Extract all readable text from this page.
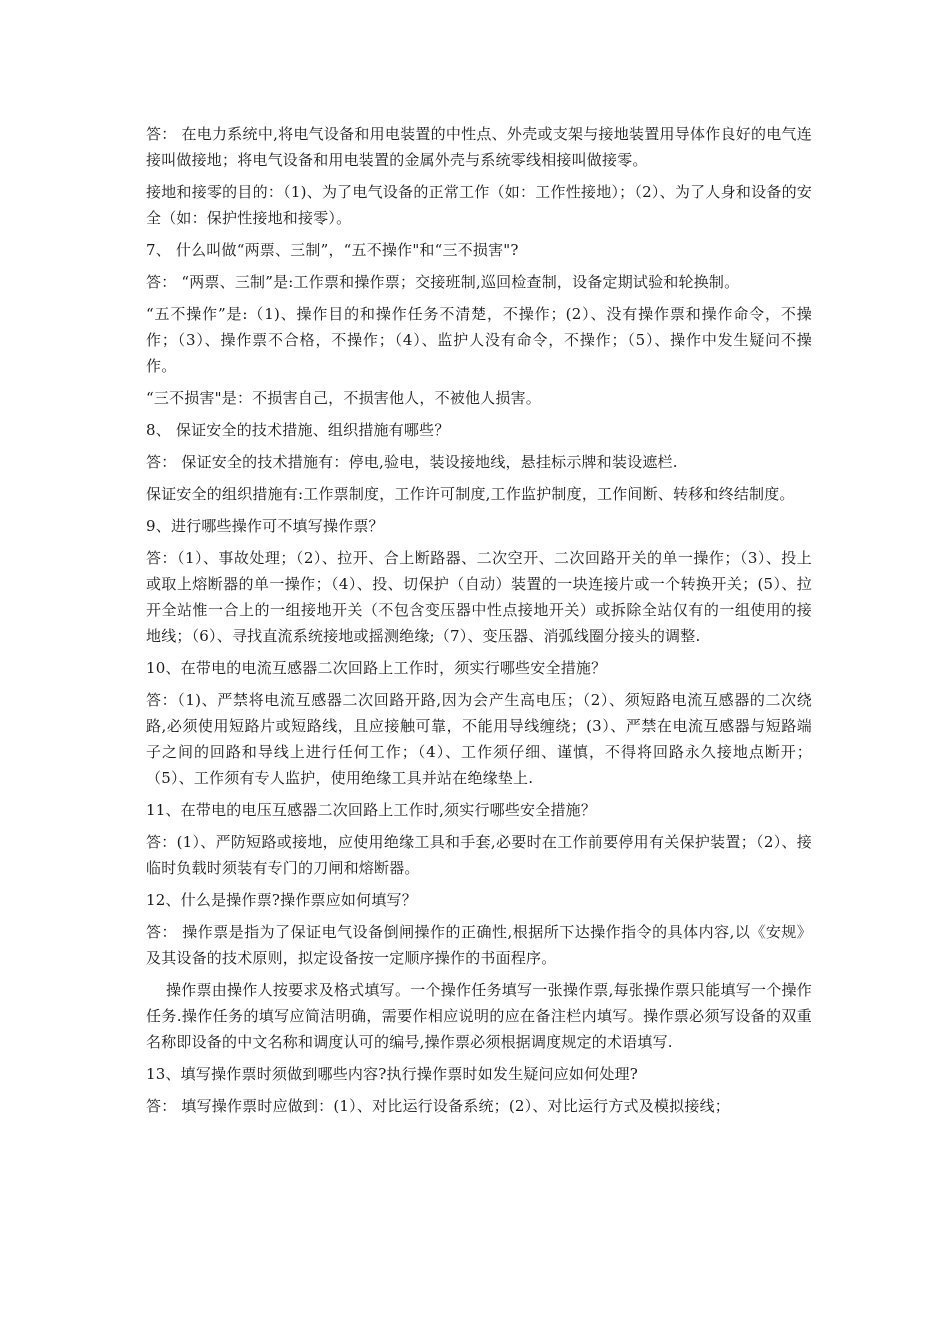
答： 在电力系统中,将电气设备和用电装置的中性点、外壳或支架与接地装置用导体作良好的电气连接叫做接地；将电气设备和用电装置的金属外壳与系统零线相接叫做接零。

接地和接零的目的：（1)、为了电气设备的正常工作（如：工作性接地）；（2）、为了人身和设备的安全（如：保护性接地和接零）。

7、 什么叫做“两票、三制”，“五不操作"和“三不损害"?

答： “两票、三制”是:工作票和操作票；交接班制,巡回检查制，设备定期试验和轮换制。

“五不操作”是:（1)、操作目的和操作任务不清楚，不操作；(2）、没有操作票和操作命令，不操作；（3）、操作票不合格，不操作；（4）、监护人没有命令，不操作；（5）、操作中发生疑问不操作。

“三不损害"是：不损害自己，不损害他人，不被他人损害。

8、 保证安全的技术措施、组织措施有哪些？

答： 保证安全的技术措施有：停电,验电，装设接地线，悬挂标示牌和装设遮栏.

保证安全的组织措施有:工作票制度，工作许可制度,工作监护制度，工作间断、转移和终结制度。

9、进行哪些操作可不填写操作票？

答：（1）、事故处理；（2）、拉开、合上断路器、二次空开、二次回路开关的单一操作；（3）、投上或取上熔断器的单一操作；（4）、投、切保护（自动）装置的一块连接片或一个转换开关；(5）、拉开全站惟一合上的一组接地开关（不包含变压器中性点接地开关）或拆除全站仅有的一组使用的接地线；（6）、寻找直流系统接地或摇测绝缘;（7）、变压器、消弧线圈分接头的调整.

10、在带电的电流互感器二次回路上工作时，须实行哪些安全措施？

答：（1)、严禁将电流互感器二次回路开路,因为会产生高电压；（2）、须短路电流互感器的二次绕路,必须使用短路片或短路线，且应接触可靠，不能用导线缠绕；(3）、严禁在电流互感器与短路端子之间的回路和导线上进行任何工作；（4）、工作须仔细、谨慎，不得将回路永久接地点断开；（5）、工作须有专人监护，使用绝缘工具并站在绝缘垫上.

11、在带电的电压互感器二次回路上工作时,须实行哪些安全措施？

答：(1）、严防短路或接地，应使用绝缘工具和手套,必要时在工作前要停用有关保护装置；（2）、接临时负载时须装有专门的刀闸和熔断器。

12、什么是操作票?操作票应如何填写？

答： 操作票是指为了保证电气设备倒闸操作的正确性,根据所下达操作指令的具体内容,以《安规》及其设备的技术原则，拟定设备按一定顺序操作的书面程序。

操作票由操作人按要求及格式填写。一个操作任务填写一张操作票,每张操作票只能填写一个操作任务.操作任务的填写应简洁明确，需要作相应说明的应在备注栏内填写。操作票必须写设备的双重名称即设备的中文名称和调度认可的编号,操作票必须根据调度规定的术语填写.

13、填写操作票时须做到哪些内容?执行操作票时如发生疑问应如何处理?

答： 填写操作票时应做到：(1）、对比运行设备系统；(2）、对比运行方式及模拟接线；
